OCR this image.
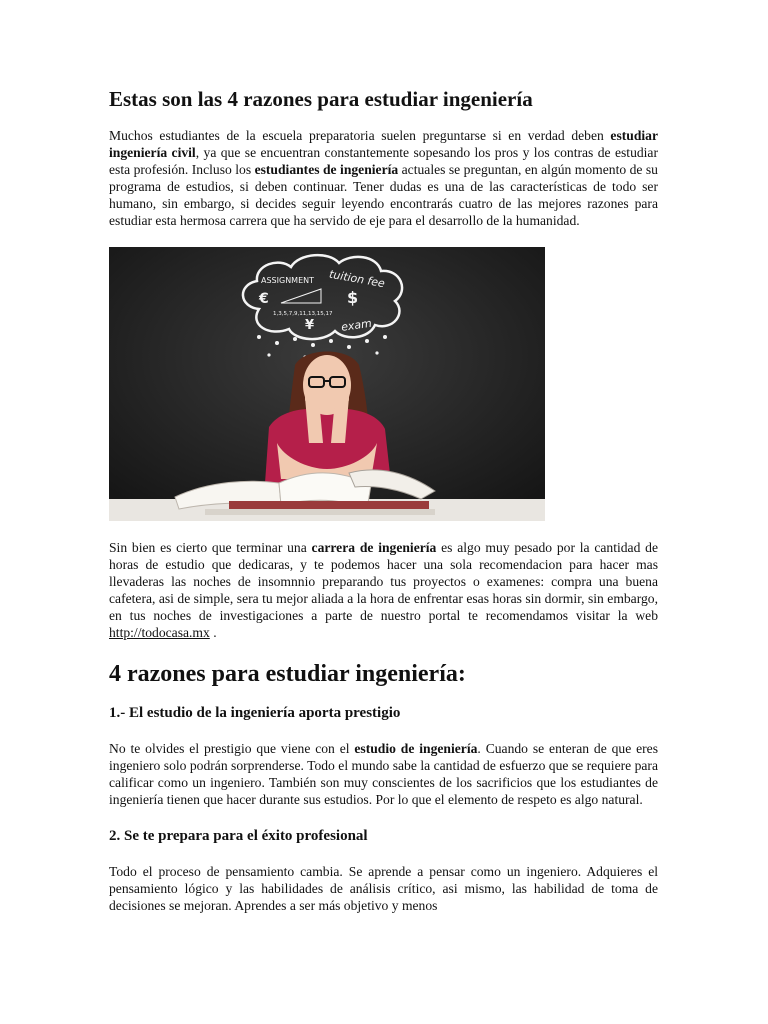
Estas son las 4 razones para estudiar ingeniería

Muchos estudiantes de la escuela preparatoria suelen preguntarse si en verdad deben estudiar ingeniería civil, ya que se encuentran constantemente sopesando los pros y los contras de estudiar esta profesión. Incluso los estudiantes de ingeniería actuales se preguntan, en algún momento de su programa de estudios, si deben continuar. Tener dudas es una de las características de todo ser humano, sin embargo, si decides seguir leyendo encontrarás cuatro de las mejores razones para estudiar esta hermosa carrera que ha servido de eje para el desarrollo de la humanidad.

ASSIGNMENT tuition fee
$
€
¥
1,3,5,7,9,11,13,15,17
exam

Sin bien es cierto que terminar una carrera de ingeniería es algo muy pesado por la cantidad de horas de estudio que dedicaras, y te podemos hacer una sola recomendacion para hacer mas llevaderas las noches de insomnnio preparando tus proyectos o examenes: compra una buena cafetera, asi de simple, sera tu mejor aliada a la hora de enfrentar esas horas sin dormir, sin embargo, en tus noches de investigaciones a parte de nuestro portal te recomendamos visitar la web http://todocasa.mx .

4 razones para estudiar ingeniería:
1.- El estudio de la ingeniería aporta prestigio

No te olvides el prestigio que viene con el estudio de ingeniería. Cuando se enteran de que eres ingeniero solo podrán sorprenderse. Todo el mundo sabe la cantidad de esfuerzo que se requiere para calificar como un ingeniero. También son muy conscientes de los sacrificios que los estudiantes de ingeniería tienen que hacer durante sus estudios. Por lo que el elemento de respeto es algo natural.

2. Se te prepara para el éxito profesional

Todo el proceso de pensamiento cambia. Se aprende a pensar como un ingeniero. Adquieres el pensamiento lógico y las habilidades de análisis crítico, asi mismo, las habilidad de toma de decisiones se mejoran. Aprendes a ser más objetivo y menos
